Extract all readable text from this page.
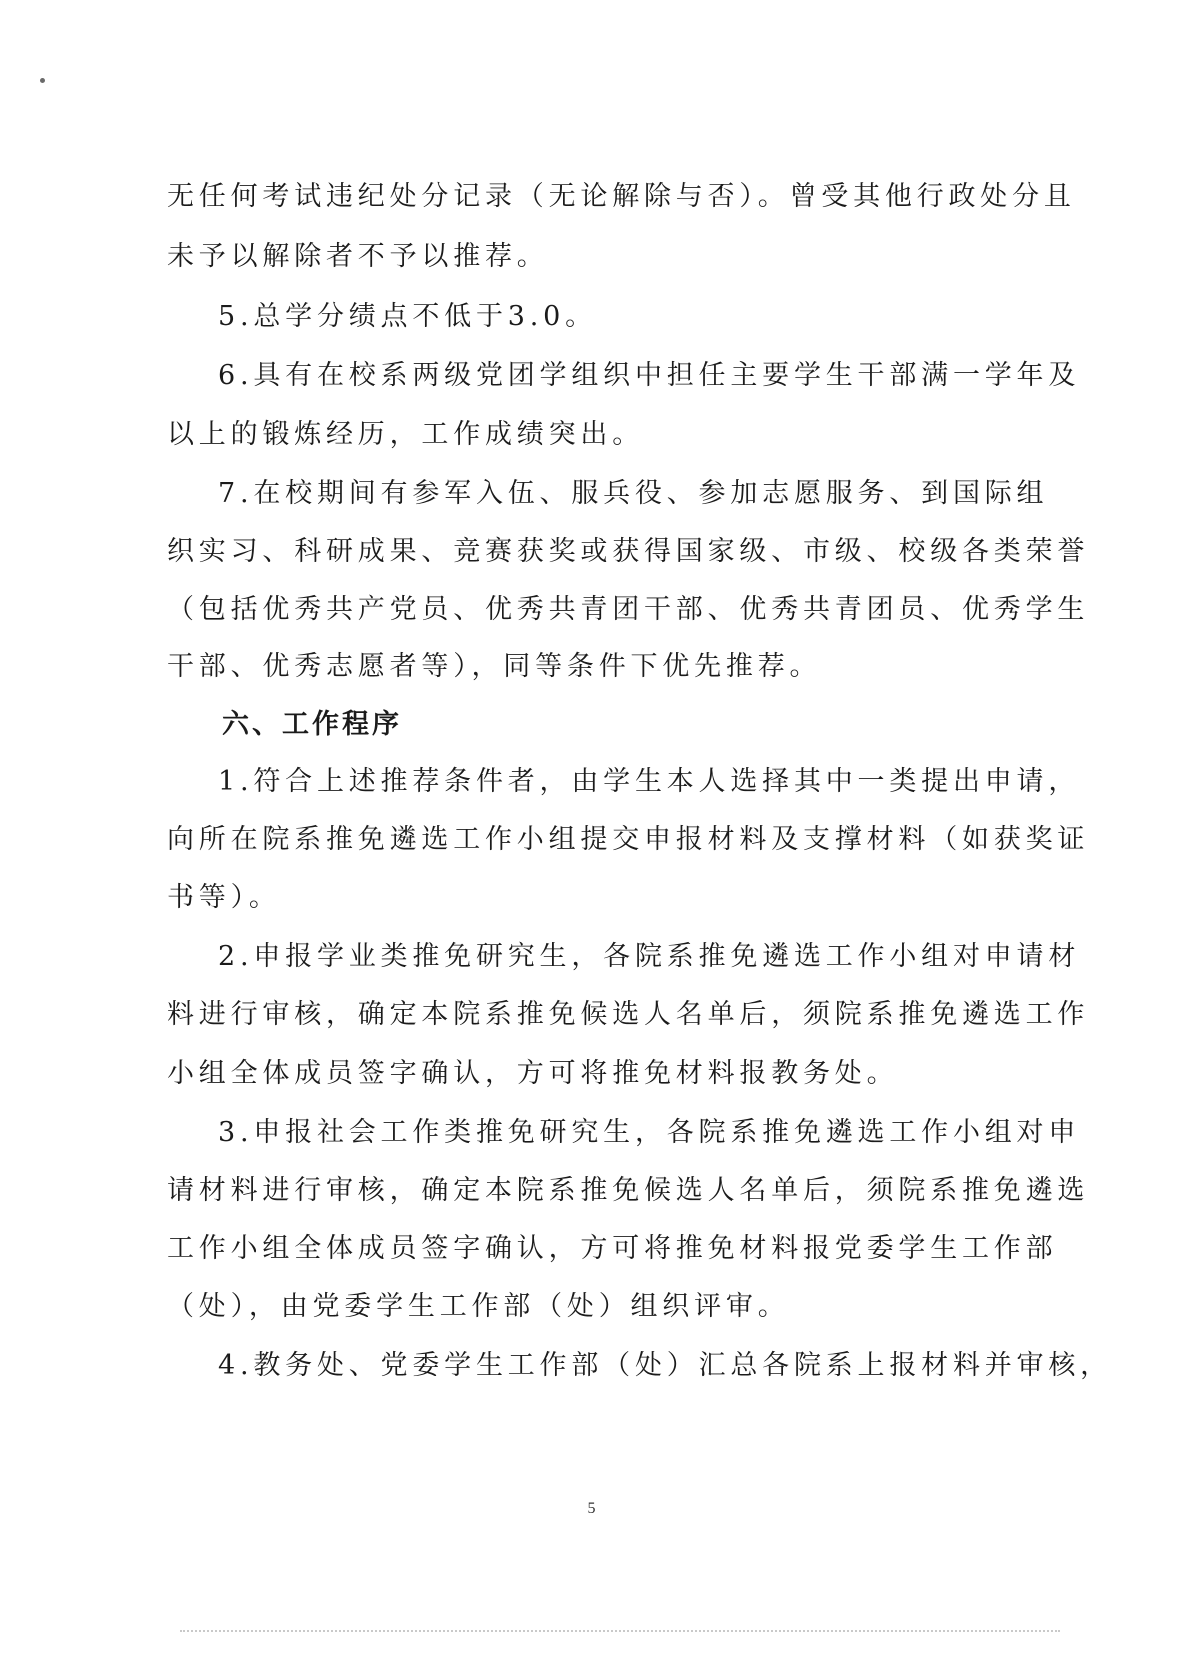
无任何考试违纪处分记录（无论解除与否）。曾受其他行政处分且
未予以解除者不予以推荐。
5.总学分绩点不低于3.0。
6.具有在校系两级党团学组织中担任主要学生干部满一学年及
以上的锻炼经历，工作成绩突出。
7.在校期间有参军入伍、服兵役、参加志愿服务、到国际组
织实习、科研成果、竞赛获奖或获得国家级、市级、校级各类荣誉
（包括优秀共产党员、优秀共青团干部、优秀共青团员、优秀学生
干部、优秀志愿者等），同等条件下优先推荐。
六、工作程序
1.符合上述推荐条件者，由学生本人选择其中一类提出申请，
向所在院系推免遴选工作小组提交申报材料及支撑材料（如获奖证
书等）。
2.申报学业类推免研究生，各院系推免遴选工作小组对申请材
料进行审核，确定本院系推免候选人名单后，须院系推免遴选工作
小组全体成员签字确认，方可将推免材料报教务处。
3.申报社会工作类推免研究生，各院系推免遴选工作小组对申
请材料进行审核，确定本院系推免候选人名单后，须院系推免遴选
工作小组全体成员签字确认，方可将推免材料报党委学生工作部
（处），由党委学生工作部（处）组织评审。
4.教务处、党委学生工作部（处）汇总各院系上报材料并审核，
5
